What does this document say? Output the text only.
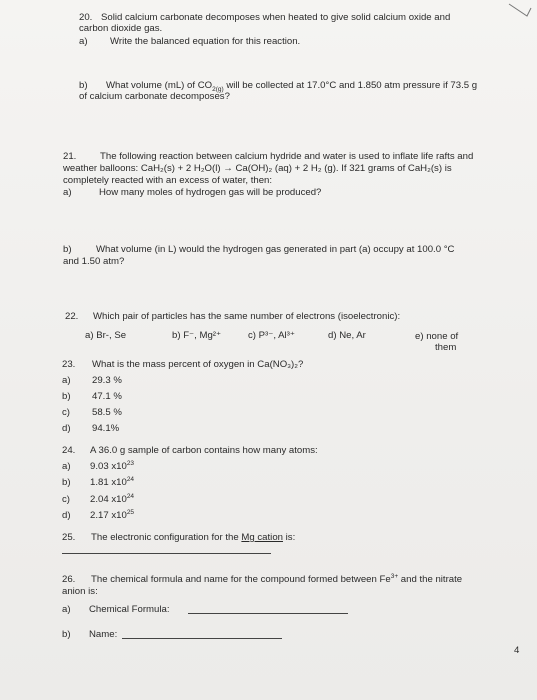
20. Solid calcium carbonate decomposes when heated to give solid calcium oxide and
carbon dioxide gas.
a) Write the balanced equation for this reaction.
b) What volume (mL) of $CO_{2(g)}$ will be collected at 17.0°C and 1.850 atm pressure if 73.5 g
of calcium carbonate decomposes?
21. The following reaction between calcium hydride and water is used to inflate life rafts and
weather balloons: CaH₂(s) + 2 H₂O(l) → Ca(OH)₂ (aq) + 2 H₂ (g). If 321 grams of CaH₂(s) is
completely reacted with an excess of water, then:
a)	How many moles of hydrogen gas will be produced?
b)	What volume (in L) would the hydrogen gas generated in part (a) occupy at 100.0 °C
and 1.50 atm?
22. Which pair of particles has the same number of electrons (isoelectronic):
a) Br-, Se	b) F⁻, Mg²⁺	c) P³⁻, Al³⁺	d) Ne, Ar	e) none of
them
23. What is the mass percent of oxygen in Ca(NO₃)₂?
a) 29.3 %
b) 47.1 %
c) 58.5 %
d) 94.1%
24. A 36.0 g sample of carbon contains how many atoms:
a) 9.03 $x10^{23}$
b) 1.81 $x10^{24}$
c) 2.04 $x10^{24}$
d) 2.17 $x10^{25}$
25. The electronic configuration for the Mg cation is:
26. The chemical formula and name for the compound formed between $Fe^{3+}$ and the nitrate
anion is:
a) Chemical Formula:
b) Name:
4
